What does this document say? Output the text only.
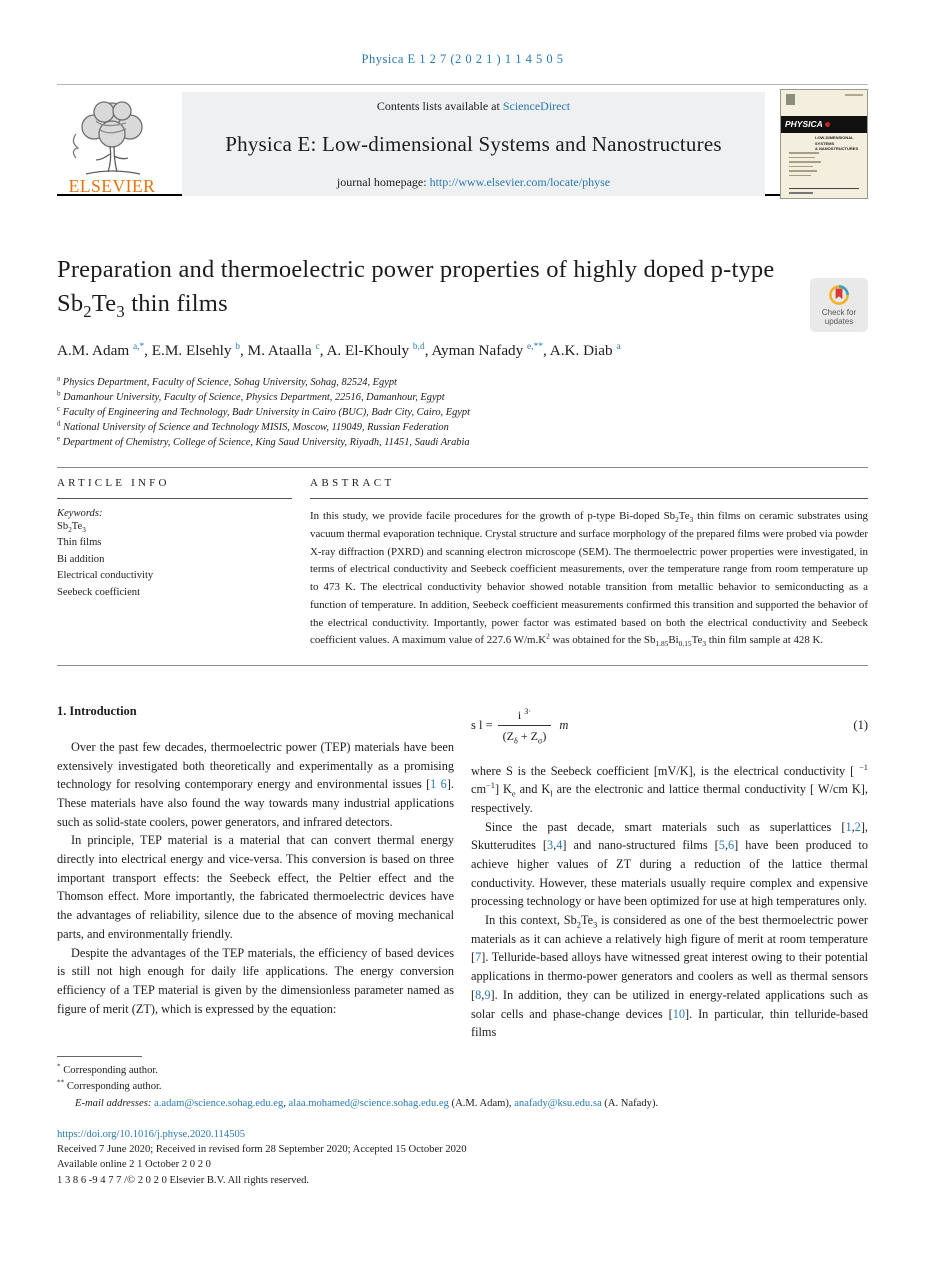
Physica E 1 2 7 (2 0 2 1 ) 1 1 4 5 0 5
ELSEVIER
Contents lists available at ScienceDirect
Physica E: Low-dimensional Systems and Nanostructures
journal homepage: http://www.elsevier.com/locate/physe
PHYSICA
LOW-DIMENSIONAL SYSTEMS
& NANOSTRUCTURES
Check for
updates
Preparation and thermoelectric power properties of highly doped p-type
$Sb_2Te_3$ thin films
A.M. Adam $^{a,*}$, E.M. Elsehly $^b$, M. Ataalla $^c$, A. El-Khouly $^{b,d}$, Ayman Nafady $^{e,**}$, A.K. Diab $^a$
$^a$ Physics Department, Faculty of Science, Sohag University, Sohag, 82524, Egypt
$^b$ Damanhour University, Faculty of Science, Physics Department, 22516, Damanhour, Egypt
$^c$ Faculty of Engineering and Technology, Badr University in Cairo (BUC), Badr City, Cairo, Egypt
$^d$ National University of Science and Technology MISIS, Moscow, 119049, Russian Federation
$^e$ Department of Chemistry, College of Science, King Saud University, Riyadh, 11451, Saudi Arabia
ARTICLE INFO
Keywords:
$Sb_2Te_3$
Thin films
Bi addition
Electrical conductivity
Seebeck coefficient
ABSTRACT
In this study, we provide facile procedures for the growth of p-type Bi-doped $Sb_2Te_3$ thin films on ceramic substrates using vacuum thermal evaporation technique. Crystal structure and surface morphology of the prepared films were probed via powder X-ray diffraction (PXRD) and scanning electron microscope (SEM). The thermoelectric power properties were investigated, in terms of electrical conductivity and Seebeck coefficient measurements, over the temperature range from room temperature up to 473 K. The electrical conductivity behavior showed notable transition from metallic behavior to semiconducting as a function of temperature. In addition, Seebeck coefficient measurements confirmed this transition and supported the behavior of the electrical conductivity. Importantly, power factor was estimated based on both the electrical conductivity and Seebeck coefficient values. A maximum value of 227.6 $W/m.K^2$ was obtained for the $Sb_{1.85}Bi_{0.15}Te_3$ thin film sample at 428 K.
1. Introduction

Over the past few decades, thermoelectric power (TEP) materials have been extensively investigated both theoretically and experimentally as a promising technology for resolving contemporary energy and environmental issues [1 6]. These materials have also found the way towards many industrial applications such as solid-state coolers, power generators, and infrared detectors.

In principle, TEP material is a material that can convert thermal energy directly into electrical energy and vice-versa. This conversion is based on three important transport effects: the Seebeck effect, the Peltier effect and the Thomson effect. More importantly, the fabricated thermoelectric devices have the advantages of reliability, silence due to the absence of moving mechanical parts, and environmentally friendly.

Despite the advantages of the TEP materials, the efficiency of based devices is still not high enough for daily life applications. The energy conversion efficiency of a TEP material is given by the dimensionless parameter named as figure of merit (ZT), which is expressed by the equation:

s $l = \frac{i ^{3\cdot}}{(Z_\delta + Z_\sigma)}$ m	(1)

where S is the Seebeck coefficient [mV/K], is the electrical conductivity [ $^{-1}$ $cm^{-1}$] $K_e$ and $K_l$ are the electronic and lattice thermal conductivity [ W/cm K], respectively.

Since the past decade, smart materials such as superlattices [1,2], Skutterudites [3,4] and nano-structured films [5,6] have been produced to achieve higher values of ZT during a reduction of the lattice thermal conductivity. However, these materials usually require complex and expensive processing technology or have been optimized for use at high temperatures only.

In this context, $Sb_2Te_3$ is considered as one of the best thermoelectric power materials as it can achieve a relatively high figure of merit at room temperature [7]. Telluride-based alloys have witnessed great interest owing to their potential applications in thermo-power generators and coolers as well as thermal sensors [8,9]. In addition, they can be utilized in energy-related applications such as solar cells and phase-change devices [10]. In particular, thin telluride-based films

* Corresponding author.
** Corresponding author.
E-mail addresses: a.adam@science.sohag.edu.eg, alaa.mohamed@science.sohag.edu.eg (A.M. Adam), anafady@ksu.edu.sa (A. Nafady).
https://doi.org/10.1016/j.physe.2020.114505
Received 7 June 2020; Received in revised form 28 September 2020; Accepted 15 October 2020
Available online 2 1 October 2 0 2 0
1 3 8 6 -9 4 7 7 /© 2 0 2 0 Elsevier B.V. All rights reserved.
